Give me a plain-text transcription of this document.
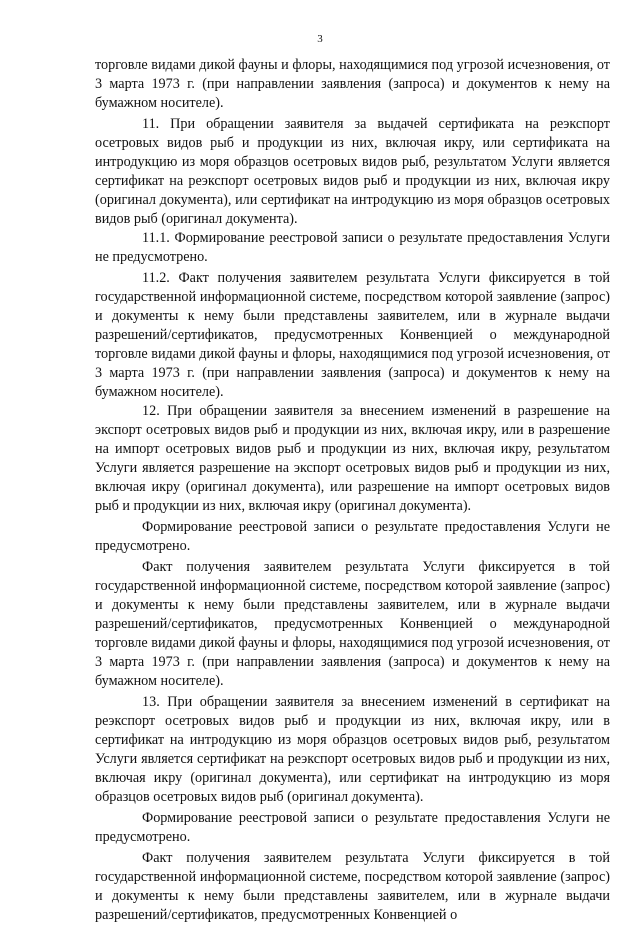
3

торговле видами дикой фауны и флоры, находящимися под угрозой исчезновения, от 3 марта 1973 г. (при направлении заявления (запроса) и документов к нему на бумажном носителе).

11. При обращении заявителя за выдачей сертификата на реэкспорт осетровых видов рыб и продукции из них, включая икру, или сертификата на интродукцию из моря образцов осетровых видов рыб, результатом Услуги является сертификат на реэкспорт осетровых видов рыб и продукции из них, включая икру (оригинал документа), или сертификат на интродукцию из моря образцов осетровых видов рыб (оригинал документа).

11.1. Формирование реестровой записи о результате предоставления Услуги не предусмотрено.

11.2. Факт получения заявителем результата Услуги фиксируется в той государственной информационной системе, посредством которой заявление (запрос) и документы к нему были представлены заявителем, или в журнале выдачи разрешений/сертификатов, предусмотренных Конвенцией о международной торговле видами дикой фауны и флоры, находящимися под угрозой исчезновения, от 3 марта 1973 г. (при направлении заявления (запроса) и документов к нему на бумажном носителе).

12. При обращении заявителя за внесением изменений в разрешение на экспорт осетровых видов рыб и продукции из них, включая икру, или в разрешение на импорт осетровых видов рыб и продукции из них, включая икру, результатом Услуги является разрешение на экспорт осетровых видов рыб и продукции из них, включая икру (оригинал документа), или разрешение на импорт осетровых видов рыб и продукции из них, включая икру (оригинал документа).

Формирование реестровой записи о результате предоставления Услуги не предусмотрено.

Факт получения заявителем результата Услуги фиксируется в той государственной информационной системе, посредством которой заявление (запрос) и документы к нему были представлены заявителем, или в журнале выдачи разрешений/сертификатов, предусмотренных Конвенцией о международной торговле видами дикой фауны и флоры, находящимися под угрозой исчезновения, от 3 марта 1973 г. (при направлении заявления (запроса) и документов к нему на бумажном носителе).

13. При обращении заявителя за внесением изменений в сертификат на реэкспорт осетровых видов рыб и продукции из них, включая икру, или в сертификат на интродукцию из моря образцов осетровых видов рыб, результатом Услуги является сертификат на реэкспорт осетровых видов рыб и продукции из них, включая икру (оригинал документа), или сертификат на интродукцию из моря образцов осетровых видов рыб (оригинал документа).

Формирование реестровой записи о результате предоставления Услуги не предусмотрено.

Факт получения заявителем результата Услуги фиксируется в той государственной информационной системе, посредством которой заявление (запрос) и документы к нему были представлены заявителем, или в журнале выдачи разрешений/сертификатов, предусмотренных Конвенцией о
